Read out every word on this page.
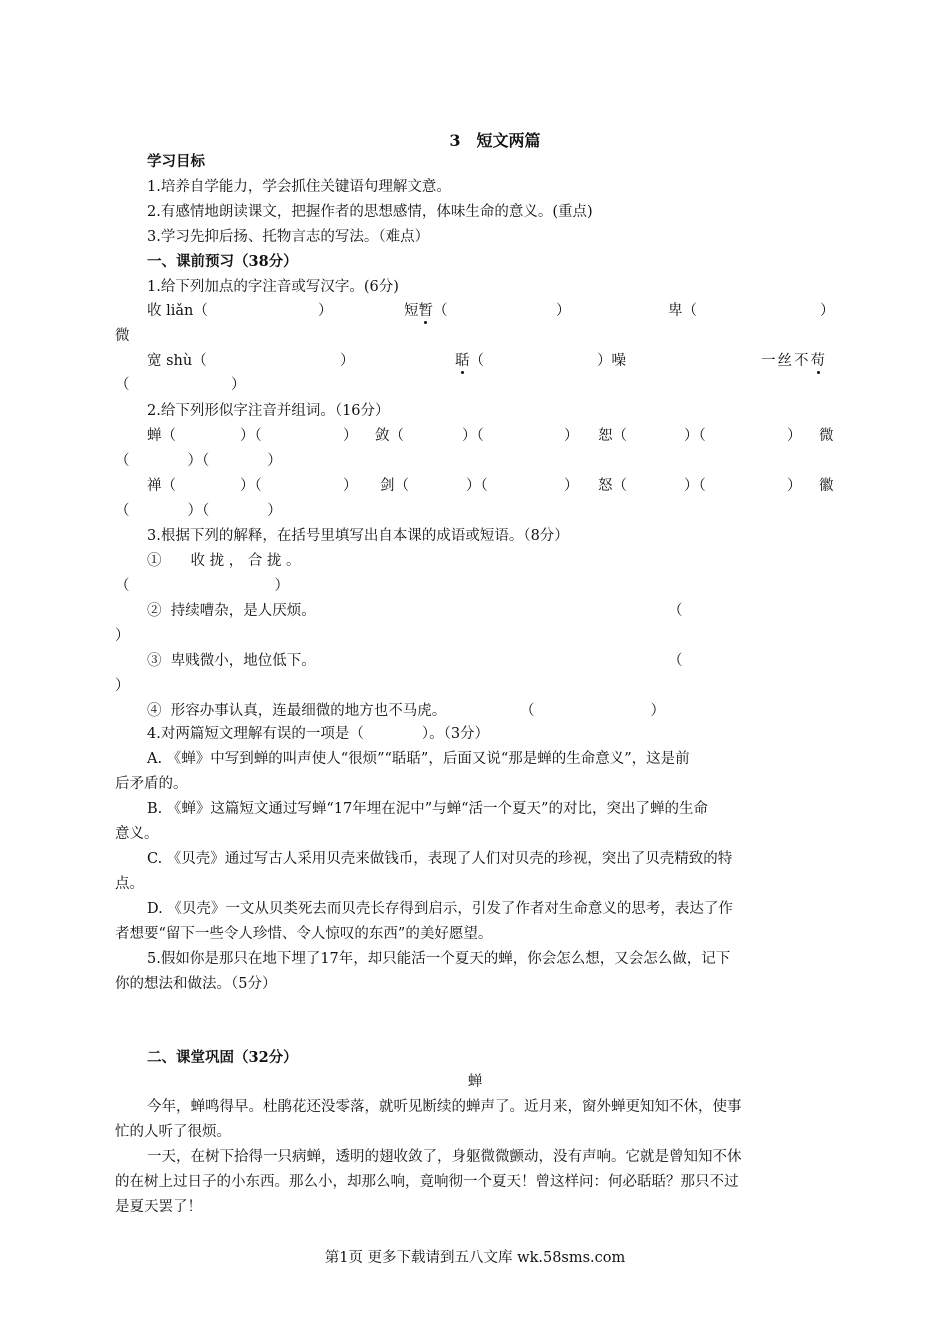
3　短文两篇
学习目标
1.培养自学能力，学会抓住关键语句理解文意。
2.有感情地朗读课文，把握作者的思想感情，体味生命的意义。(重点)
3.学习先抑后扬、托物言志的写法。（难点）
一、课前预习（38分）
1.给下列加点的字注音或写汉字。(6分)
收 liǎn（	）	短暂（	）	卑（	）
微
宽 shù（	）	聒（	）噪	一丝不苟
（　　　　　　　）
2.给下列形似字注音并组词。（16分）
蝉（	）（	） 敛（	）（	） 恕（	）（	） 微
（　　　　）（　　　　）
禅（	）（	） 剑（	）（	） 怒（	）（	） 徽
（　　　　）（　　　　）
3.根据下列的解释，在括号里填写出自本课的成语或短语。（8分）
①　　收 拢 ， 合 拢 。
（　　　　　　　　　　）
②  持续嘈杂，是人厌烦。	（
）
③  卑贱微小，地位低下。	（
）
④  形容办事认真，连最细微的地方也不马虎。	（　　　　　　　　）
4.对两篇短文理解有误的一项是（　　　　）。（3分）
A. 《蝉》中写到蝉的叫声使人“很烦”“聒聒”，后面又说“那是蝉的生命意义”，这是前
后矛盾的。
B. 《蝉》这篇短文通过写蝉“17年埋在泥中”与蝉“活一个夏天”的对比，突出了蝉的生命
意义。
C. 《贝壳》通过写古人采用贝壳来做钱币，表现了人们对贝壳的珍视，突出了贝壳精致的特
点。
D. 《贝壳》一文从贝类死去而贝壳长存得到启示，引发了作者对生命意义的思考，表达了作
者想要“留下一些令人珍惜、令人惊叹的东西”的美好愿望。
5.假如你是那只在地下埋了17年，却只能活一个夏天的蝉，你会怎么想，又会怎么做，记下
你的想法和做法。（5分）
二、课堂巩固（32分）
蝉
今年，蝉鸣得早。杜鹃花还没零落，就听见断续的蝉声了。近月来，窗外蝉更知知不休，使事
忙的人听了很烦。
一天，在树下拾得一只病蝉，透明的翅收敛了，身躯微微颤动，没有声响。它就是曾知知不休
的在树上过日子的小东西。那么小，却那么响，竟响彻一个夏天！曾这样问：何必聒聒？那只不过
是夏天罢了！
第1页 更多下载请到五八文库 wk.58sms.com
